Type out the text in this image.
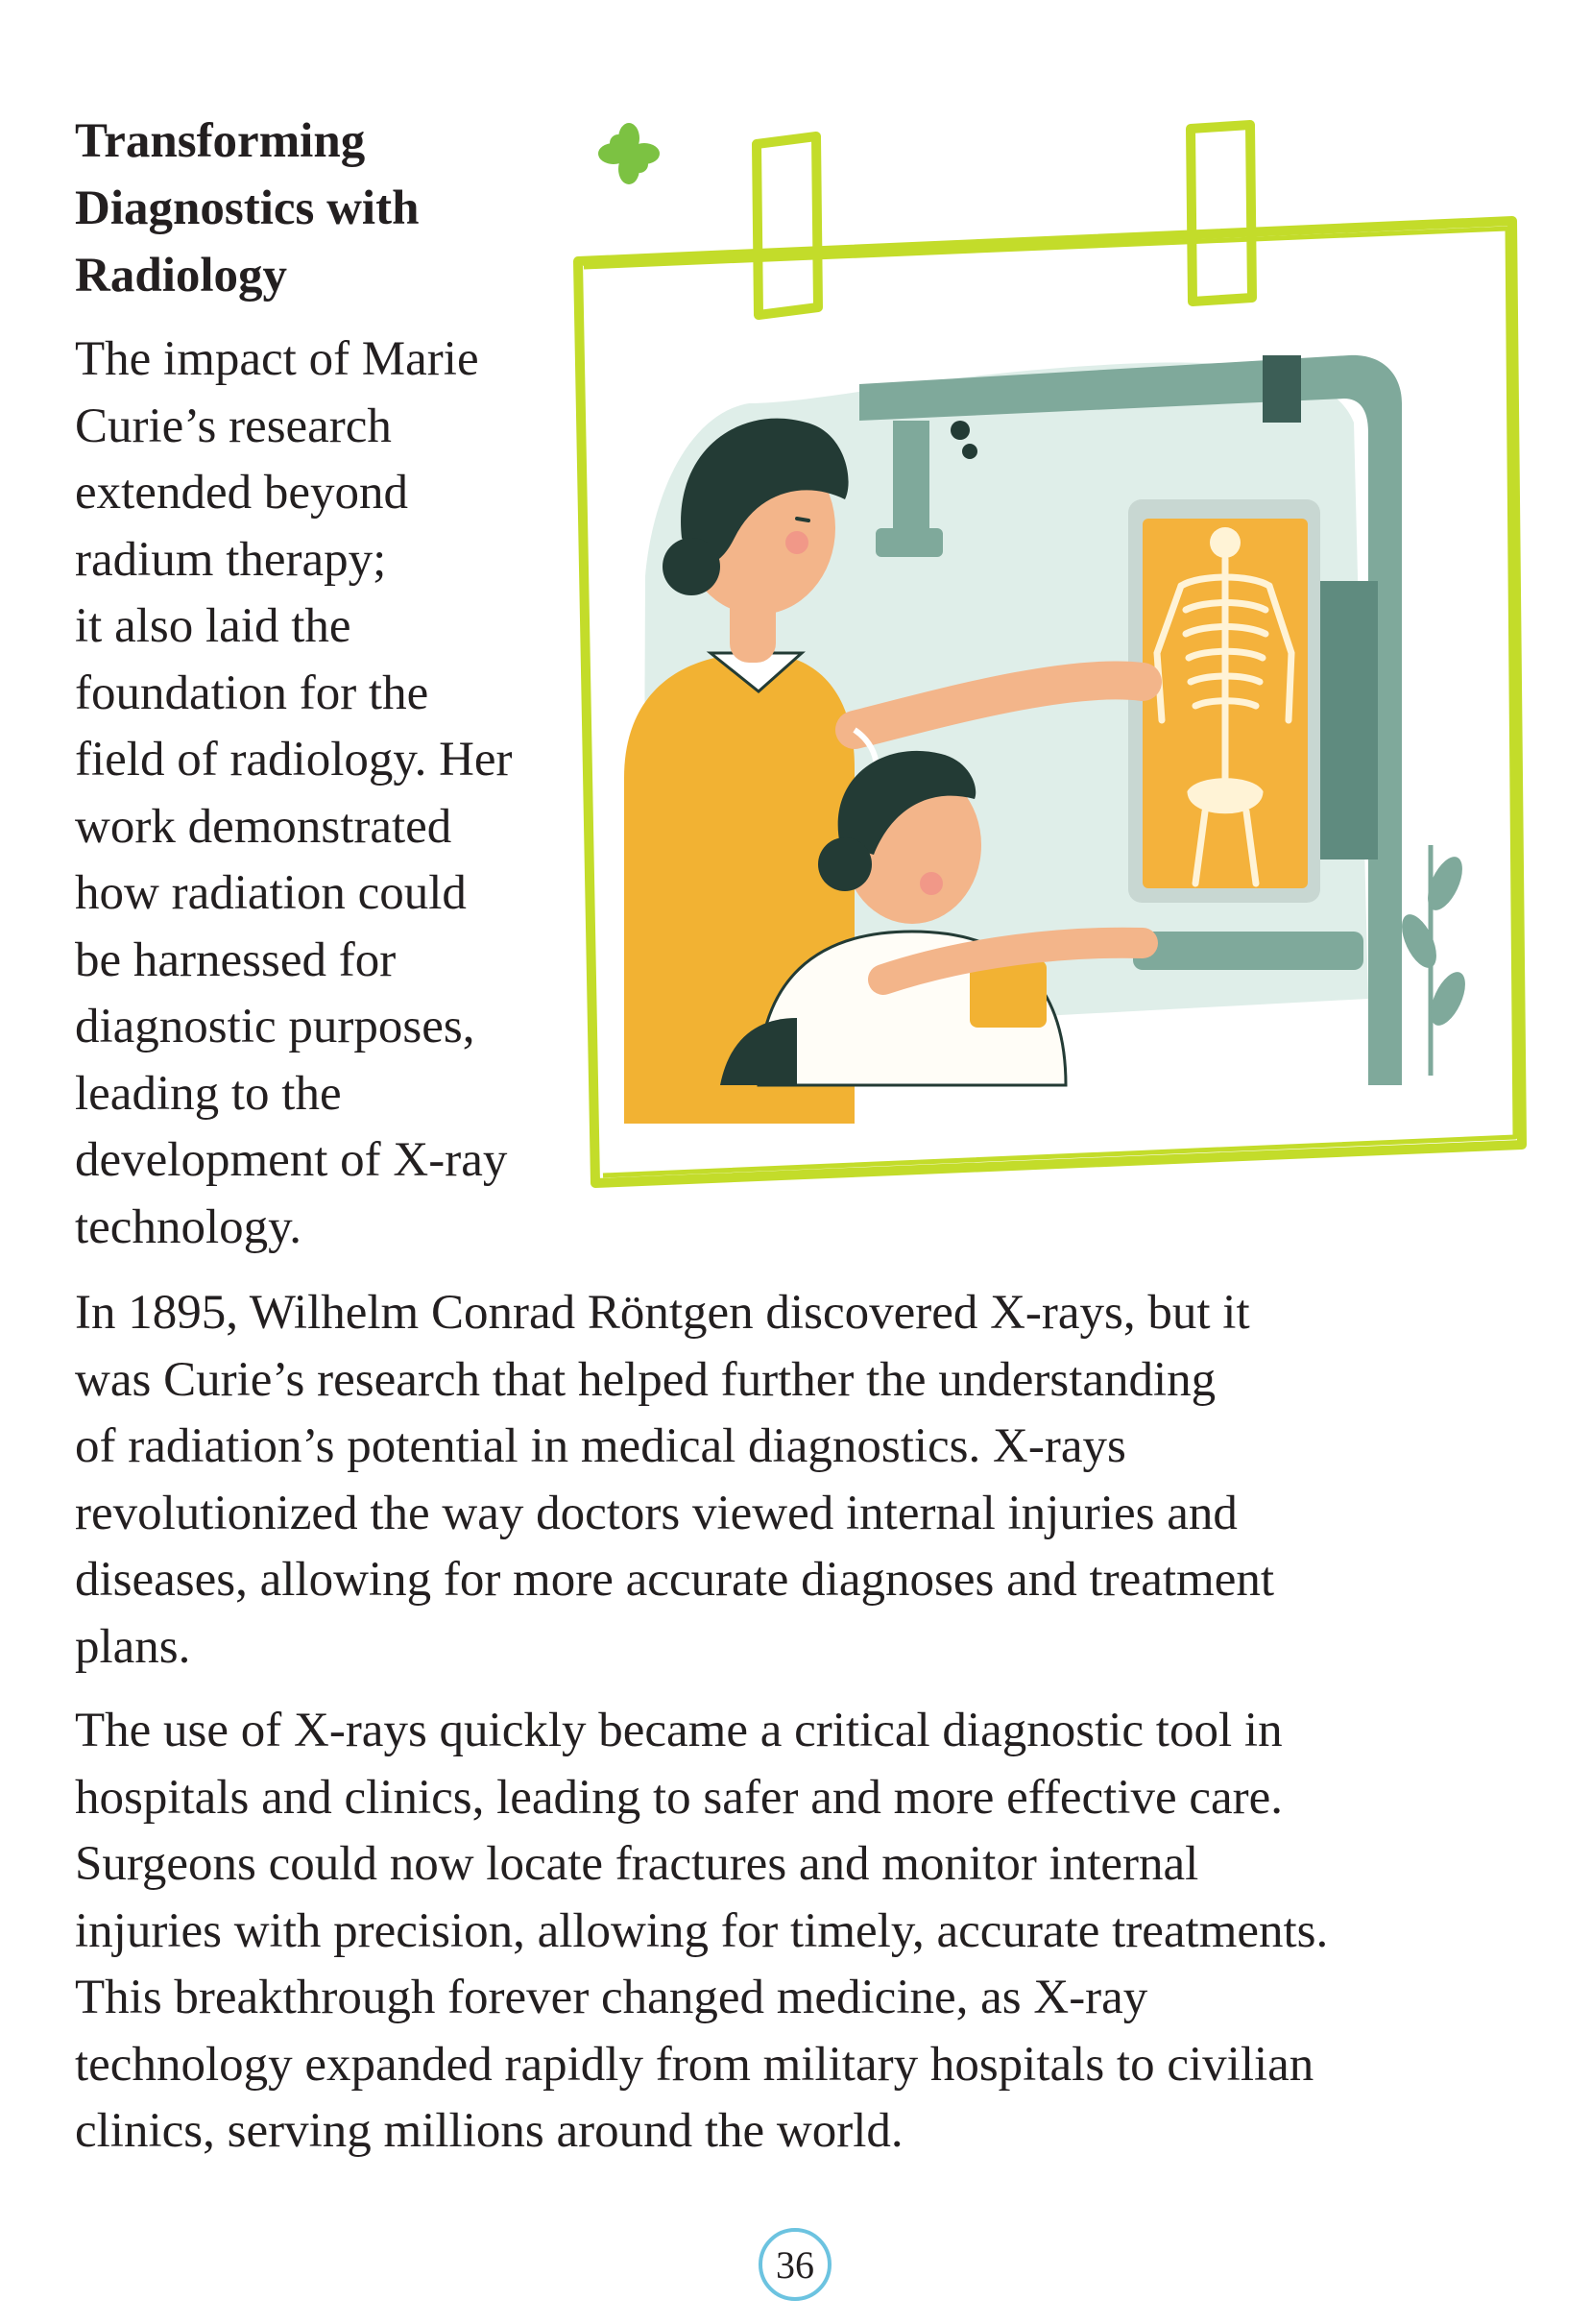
Transforming
Diagnostics with
Radiology
The impact of Marie
Curie’s research
extended beyond
radium therapy;
it also laid the
foundation for the
field of radiology. Her
work demonstrated
how radiation could
be harnessed for
diagnostic purposes,
leading to the
development of X-ray
technology.
In 1895, Wilhelm Conrad Röntgen discovered X-rays, but it
was Curie’s research that helped further the understanding
of radiation’s potential in medical diagnostics. X-rays
revolutionized the way doctors viewed internal injuries and
diseases, allowing for more accurate diagnoses and treatment
plans.
The use of X-rays quickly became a critical diagnostic tool in
hospitals and clinics, leading to safer and more effective care.
Surgeons could now locate fractures and monitor internal
injuries with precision, allowing for timely, accurate treatments.
This breakthrough forever changed medicine, as X-ray
technology expanded rapidly from military hospitals to civilian
clinics, serving millions around the world.
36
